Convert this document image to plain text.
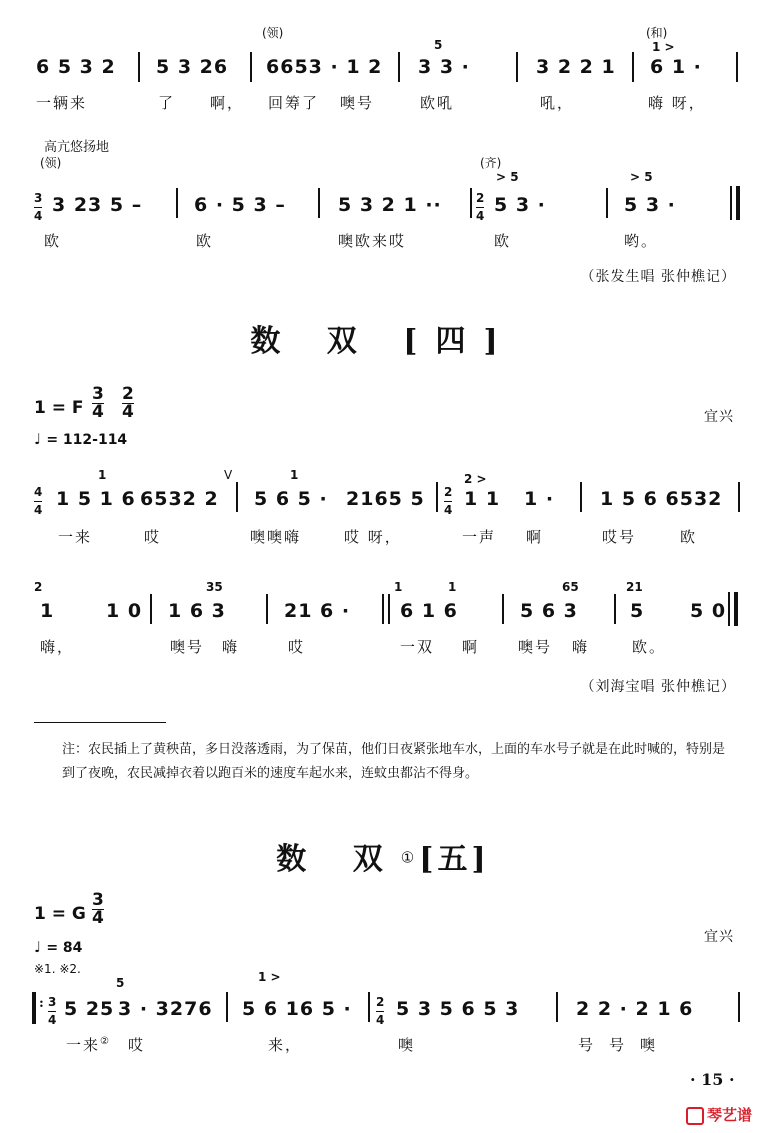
(领)	(和)
5	1 >
6 5 3 2 5 3 26 6653 · 1 2 3 3 ·	3 2 2 1 6 1 ·
一辆来	了 啊， 回筹了 噢号	欧吼	吼，	嗨 呀，
高亢悠扬地
(领)	(齐)
> 5	> 5
$\frac{3}{4} 3$ 23 5 –	6 · 5 3 –	5 3 2 1 ··	$\frac{2}{4} 5$ 3 ·	5 3 ·
欧	欧	噢欧来哎	欧	哟。
（张发生唱 张仲樵记）
数 双 [四]
1 = F $\frac{3}{4} \frac{2}{4}$
♩ = 112-114
宜兴
1	1	2 >
V
$\frac{4}{4} 1$ 5 1 6 6532 2 5 6 5 · 2165 $5 \frac{2}{4} 1$ 1 1 · 1 5 6 6532
一来	哎	噢噢嗨	哎 呀，	一声 啊	哎号	欧
2	35	1	1	65	21
1	1 0 1 6 3	21 6 ·	6 1 6	5 6 3	5 5 0
嗨，	噢号 嗨	哎	一双 啊	噢号 嗨	欧。
（刘海宝唱 张仲樵记）
注：农民插上了黄秧苗，多日没落透雨，为了保苗，他们日夜紧张地车水，上面的车水号子就是在此时喊的，特别是到了夜晚，农民减掉衣着以跑百米的速度车起水来，连蚊虫都沾不得身。
数 双① [五]
1 = G $\frac{3}{4}$
♩ = 84
宜兴
※1. ※2.
5	1 >
: $\frac{3}{4} 5$ 25 3 · 3276 5 6 16 $5 \cdot \frac{2}{4} 5$ 3 5 6 5 3	2 2 · 2 1 6
一来② 哎	来，	噢	号号噢
· 15 ·
琴艺谱
